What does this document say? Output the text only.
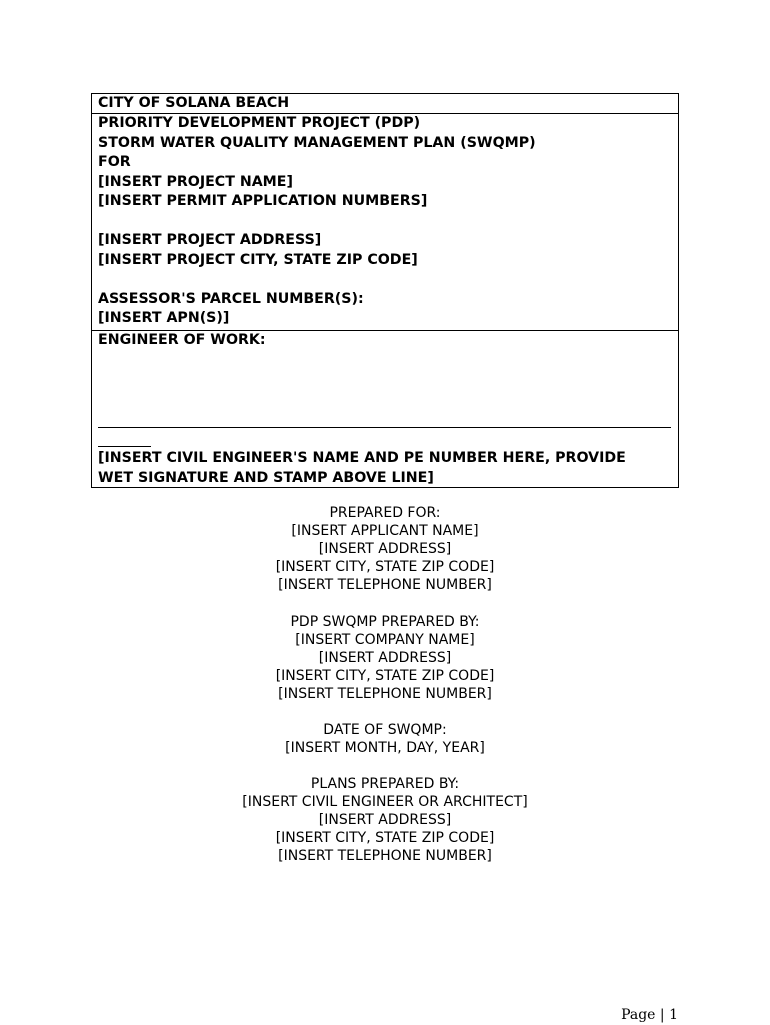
CITY OF SOLANA BEACH
PRIORITY DEVELOPMENT PROJECT (PDP)
STORM WATER QUALITY MANAGEMENT PLAN (SWQMP)
FOR
[INSERT PROJECT NAME]
[INSERT PERMIT APPLICATION NUMBERS]
[INSERT PROJECT ADDRESS]
[INSERT PROJECT CITY, STATE ZIP CODE]
ASSESSOR'S PARCEL NUMBER(S):
[INSERT APN(S)]
ENGINEER OF WORK:
[INSERT CIVIL ENGINEER'S NAME AND PE NUMBER HERE, PROVIDE
WET SIGNATURE AND STAMP ABOVE LINE]
PREPARED FOR:
[INSERT APPLICANT NAME]
[INSERT ADDRESS]
[INSERT CITY, STATE ZIP CODE]
[INSERT TELEPHONE NUMBER]
PDP SWQMP PREPARED BY:
[INSERT COMPANY NAME]
[INSERT ADDRESS]
[INSERT CITY, STATE ZIP CODE]
[INSERT TELEPHONE NUMBER]
DATE OF SWQMP:
[INSERT MONTH, DAY, YEAR]
PLANS PREPARED BY:
[INSERT CIVIL ENGINEER OR ARCHITECT]
[INSERT ADDRESS]
[INSERT CITY, STATE ZIP CODE]
[INSERT TELEPHONE NUMBER]
Page | 1
